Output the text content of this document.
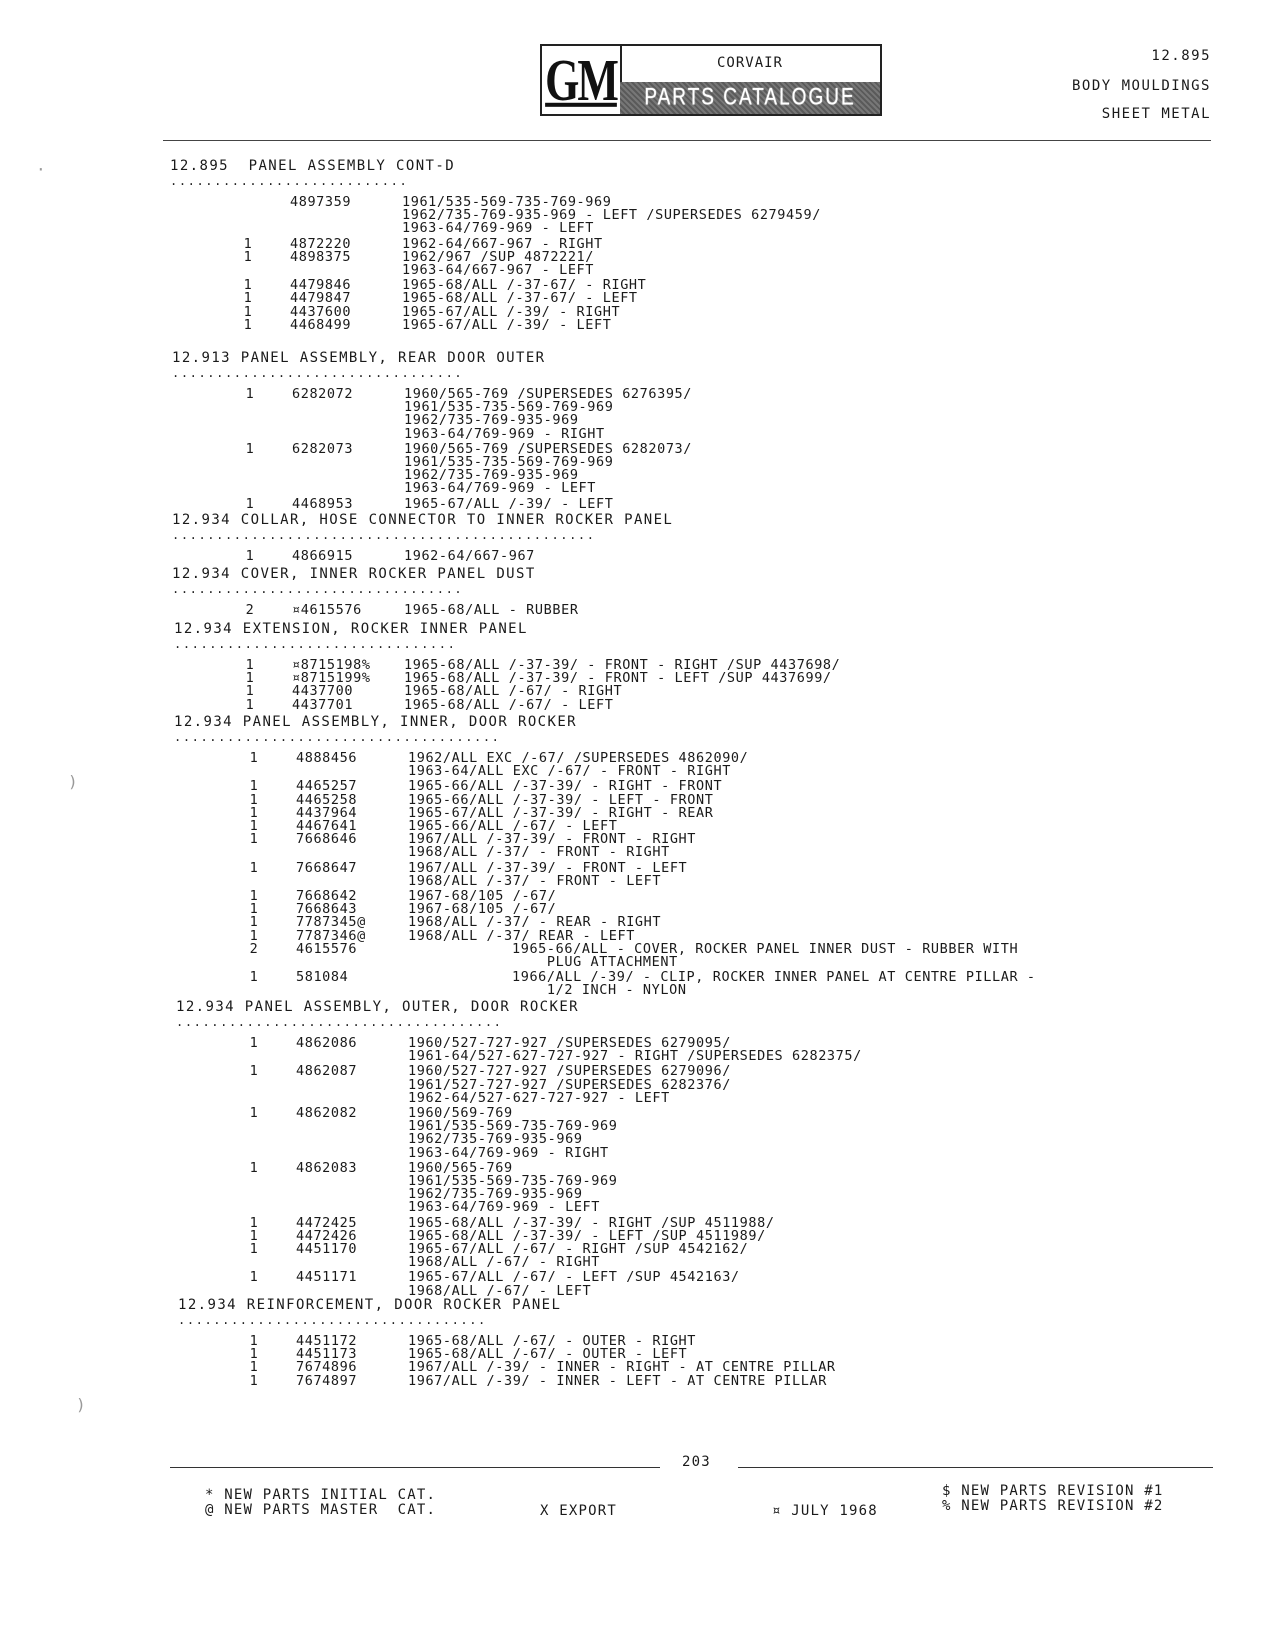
GM	CORVAIR
PARTS CATALOGUE
12.895
BODY MOULDINGS
SHEET METAL
·
)
)
12.895  PANEL ASSEMBLY CONT-D
...........................
4897359	1961/535-569-735-769-969
1962/735-769-935-969 - LEFT /SUPERSEDES 6279459/
1963-64/769-969 - LEFT
1	4872220	1962-64/667-967 - RIGHT
1	4898375	1962/967 /SUP 4872221/
1963-64/667-967 - LEFT
1	4479846	1965-68/ALL /-37-67/ - RIGHT
1	4479847	1965-68/ALL /-37-67/ - LEFT
1	4437600	1965-67/ALL /-39/ - RIGHT
1	4468499	1965-67/ALL /-39/ - LEFT
12.913 PANEL ASSEMBLY, REAR DOOR OUTER
.................................
1	6282072	1960/565-769 /SUPERSEDES 6276395/
1961/535-735-569-769-969
1962/735-769-935-969
1963-64/769-969 - RIGHT
1	6282073	1960/565-769 /SUPERSEDES 6282073/
1961/535-735-569-769-969
1962/735-769-935-969
1963-64/769-969 - LEFT
1	4468953	1965-67/ALL /-39/ - LEFT
12.934 COLLAR, HOSE CONNECTOR TO INNER ROCKER PANEL
................................................
1	4866915	1962-64/667-967
12.934 COVER, INNER ROCKER PANEL DUST
.................................
2	¤4615576	1965-68/ALL - RUBBER
12.934 EXTENSION, ROCKER INNER PANEL
................................
1	¤8715198% 1965-68/ALL /-37-39/ - FRONT - RIGHT /SUP 4437698/
1	¤8715199% 1965-68/ALL /-37-39/ - FRONT - LEFT /SUP 4437699/
1	4437700	1965-68/ALL /-67/ - RIGHT
1	4437701	1965-68/ALL /-67/ - LEFT
12.934 PANEL ASSEMBLY, INNER, DOOR ROCKER
.....................................
1	4888456	1962/ALL EXC /-67/ /SUPERSEDES 4862090/
1963-64/ALL EXC /-67/ - FRONT - RIGHT
1	4465257	1965-66/ALL /-37-39/ - RIGHT - FRONT
1	4465258	1965-66/ALL /-37-39/ - LEFT - FRONT
1	4437964	1965-67/ALL /-37-39/ - RIGHT - REAR
1	4467641	1965-66/ALL /-67/ - LEFT
1	7668646	1967/ALL /-37-39/ - FRONT - RIGHT
1968/ALL /-37/ - FRONT - RIGHT
1	7668647	1967/ALL /-37-39/ - FRONT - LEFT
1968/ALL /-37/ - FRONT - LEFT
1	7668642	1967-68/105 /-67/
1	7668643	1967-68/105 /-67/
1	7787345@	1968/ALL /-37/ - REAR - RIGHT
1	7787346@	1968/ALL /-37/ REAR - LEFT
2	4615576	1965-66/ALL - COVER, ROCKER PANEL INNER DUST - RUBBER WITH
PLUG ATTACHMENT
1	581084	1966/ALL /-39/ - CLIP, ROCKER INNER PANEL AT CENTRE PILLAR -
1/2 INCH - NYLON
12.934 PANEL ASSEMBLY, OUTER, DOOR ROCKER
.....................................
1	4862086	1960/527-727-927 /SUPERSEDES 6279095/
1961-64/527-627-727-927 - RIGHT /SUPERSEDES 6282375/
1	4862087	1960/527-727-927 /SUPERSEDES 6279096/
1961/527-727-927 /SUPERSEDES 6282376/
1962-64/527-627-727-927 - LEFT
1	4862082	1960/569-769
1961/535-569-735-769-969
1962/735-769-935-969
1963-64/769-969 - RIGHT
1	4862083	1960/565-769
1961/535-569-735-769-969
1962/735-769-935-969
1963-64/769-969 - LEFT
1	4472425	1965-68/ALL /-37-39/ - RIGHT /SUP 4511988/
1	4472426	1965-68/ALL /-37-39/ - LEFT /SUP 4511989/
1	4451170	1965-67/ALL /-67/ - RIGHT /SUP 4542162/
1968/ALL /-67/ - RIGHT
1	4451171	1965-67/ALL /-67/ - LEFT /SUP 4542163/
1968/ALL /-67/ - LEFT
12.934 REINFORCEMENT, DOOR ROCKER PANEL
...................................
1	4451172	1965-68/ALL /-67/ - OUTER - RIGHT
1	4451173	1965-68/ALL /-67/ - OUTER - LEFT
1	7674896	1967/ALL /-39/ - INNER - RIGHT - AT CENTRE PILLAR
1	7674897	1967/ALL /-39/ - INNER - LEFT - AT CENTRE PILLAR
203
* NEW PARTS INITIAL CAT.
@ NEW PARTS MASTER  CAT.	X EXPORT	¤ JULY 1968
$ NEW PARTS REVISION #1
% NEW PARTS REVISION #2
